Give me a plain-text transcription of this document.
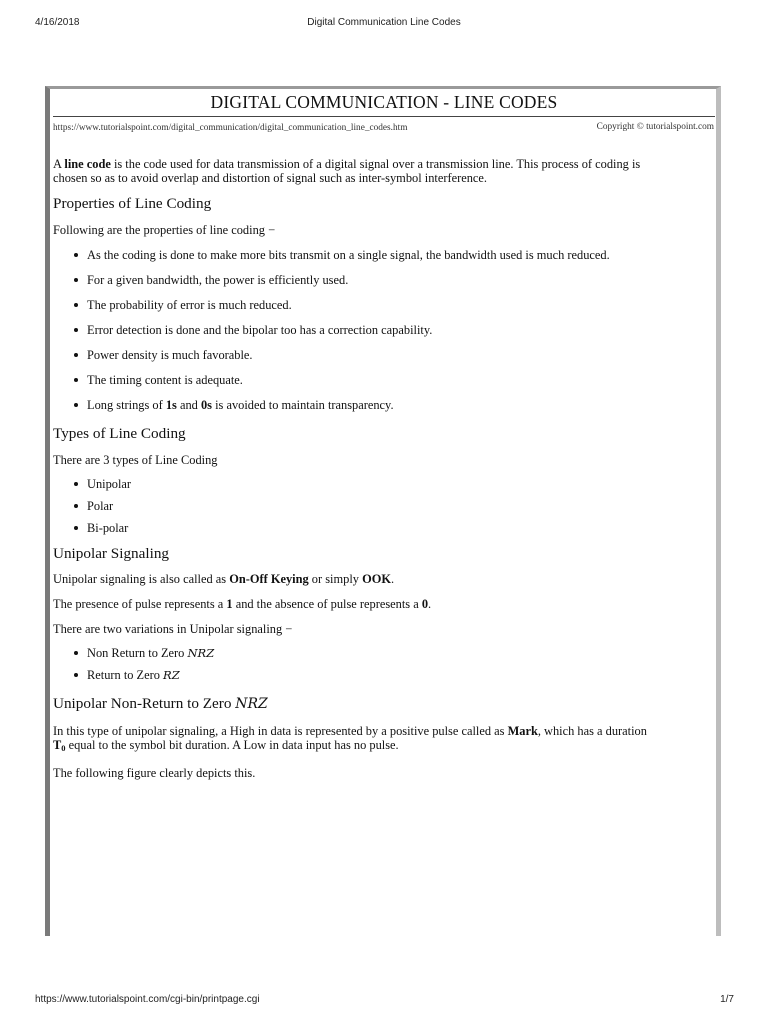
4/16/2018	Digital Communication Line Codes
DIGITAL COMMUNICATION - LINE CODES
https://www.tutorialspoint.com/digital_communication/digital_communication_line_codes.htm	Copyright © tutorialspoint.com

A line code is the code used for data transmission of a digital signal over a transmission line. This process of coding is
chosen so as to avoid overlap and distortion of signal such as inter-symbol interference.

Properties of Line Coding

Following are the properties of line coding −

As the coding is done to make more bits transmit on a single signal, the bandwidth used is much reduced.
For a given bandwidth, the power is efficiently used.
The probability of error is much reduced.
Error detection is done and the bipolar too has a correction capability.
Power density is much favorable.
The timing content is adequate.
Long strings of 1s and 0s is avoided to maintain transparency.
Types of Line Coding

There are 3 types of Line Coding

Unipolar
Polar
Bi-polar
Unipolar Signaling

Unipolar signaling is also called as On-Off Keying or simply OOK.

The presence of pulse represents a 1 and the absence of pulse represents a 0.

There are two variations in Unipolar signaling −

Non Return to Zero NRZ
Return to Zero RZ
Unipolar Non-Return to Zero NRZ

In this type of unipolar signaling, a High in data is represented by a positive pulse called as Mark, which has a duration
$T_0$ equal to the symbol bit duration. A Low in data input has no pulse.

The following figure clearly depicts this.

https://www.tutorialspoint.com/cgi-bin/printpage.cgi	1/7
